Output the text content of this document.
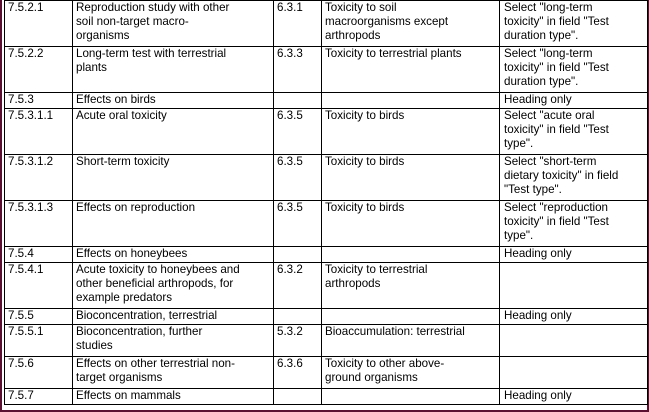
7.5.2.1	Reproduction study with other
soil non-target macro-
organisms	6.3.1	Toxicity to soil
macroorganisms except
arthropods	Select "long-term
toxicity" in field "Test
duration type".
7.5.2.2	Long-term test with terrestrial
plants	6.3.3	Toxicity to terrestrial plants	Select "long-term
toxicity" in field "Test
duration type".
7.5.3	Effects on birds			Heading only
7.5.3.1.1	Acute oral toxicity	6.3.5	Toxicity to birds	Select "acute oral
toxicity" in field "Test
type".
7.5.3.1.2	Short-term toxicity	6.3.5	Toxicity to birds	Select "short-term
dietary toxicity" in field
"Test type".
7.5.3.1.3	Effects on reproduction	6.3.5	Toxicity to birds	Select "reproduction
toxicity" in field "Test
type".
7.5.4	Effects on honeybees			Heading only
7.5.4.1	Acute toxicity to honeybees and
other beneficial arthropods, for
example predators	6.3.2	Toxicity to terrestrial
arthropods	
7.5.5	Bioconcentration, terrestrial			Heading only
7.5.5.1	Bioconcentration, further
studies	5.3.2	Bioaccumulation: terrestrial	
7.5.6	Effects on other terrestrial non-
target organisms	6.3.6	Toxicity to other above-
ground organisms	
7.5.7	Effects on mammals			Heading only
